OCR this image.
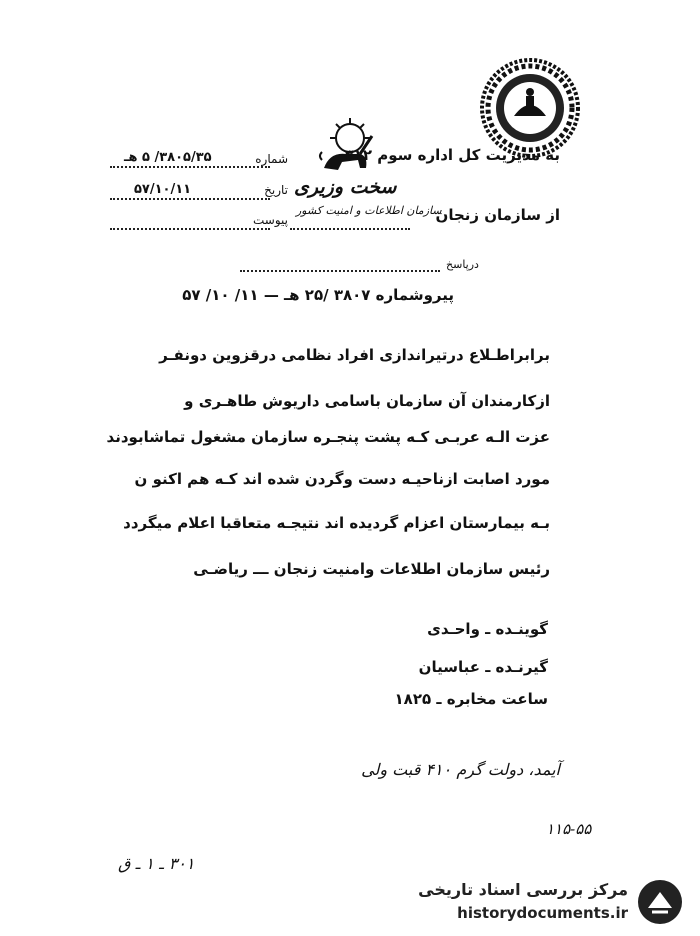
به مدیریت کل اداره سوم ۳۱۲
از سازمان زنجان
سخت وزیری
سازمان اطلاعات و امنیت کشور
شماره
۳۸۰۵/۳۵/ ۵ هـ
تاریخ
۵۷/۱۰/۱۱
پیوست
درپاسخ
پیروشماره ۳۸۰۷ /۲۵ هـ — ۱۱/ ۱۰/ ۵۷
برابراطـلاع درتیراندازی افراد نظامی درقزوین دونفـر
ازکارمندان آن سازمان باسامی داریوش طاهـری و
عزت الـه عربـی کـه پشت پنجـره سازمان مشغول تماشابودند
مورد اصابت ازناحیـه دست وگردن شده اند کـه هم اکنو ن
بـه بیمارستان اعزام گردیده اند نتیجـه متعاقبا اعلام میگردد
رئیس سازمان اطلاعات وامنیت زنجان ـــ ریاضـی
گوینـده ـ واحـدی
گیرنـده ـ عباسیان
ساعت مخابره ـ ۱۸۲۵
آیمد، دولت گرم ۴۱۰ قبت ولی
۱۱۵-۵۵
۳۰۱ ـ ۱ ـ ق
مرکز بررسی اسناد تاریخی
historydocuments.ir
